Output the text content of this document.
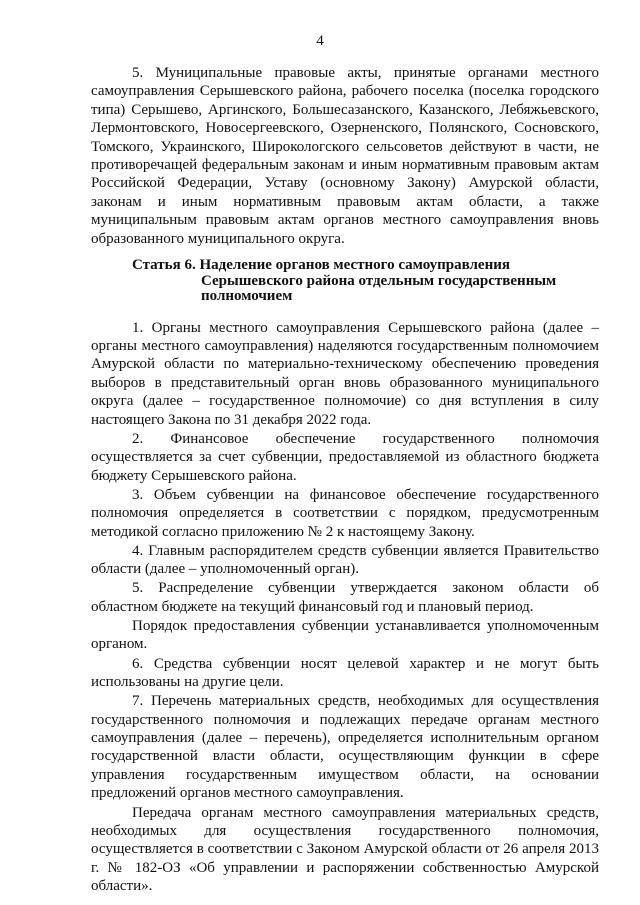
4

5. Муниципальные правовые акты, принятые органами местного самоуправления Серышевского района, рабочего поселка (поселка городского типа) Серышево, Аргинского, Большесазанского, Казанского, Лебяжьевского, Лермонтовского, Новосергеевского, Озерненского, Полянского, Сосновского, Томского, Украинского, Широкологского сельсоветов действуют в части, не противоречащей федеральным законам и иным нормативным правовым актам Российской Федерации, Уставу (основному Закону) Амурской области, законам и иным нормативным правовым актам области, а также муниципальным правовым актам органов местного самоуправления вновь образованного муниципального округа.

Статья 6. Наделение органов местного самоуправления
Серышевского района отдельным государственным полномочием

1. Органы местного самоуправления Серышевского района (далее – органы местного самоуправления) наделяются государственным полномочием Амурской области по материально-техническому обеспечению проведения выборов в представительный орган вновь образованного муниципального округа (далее – государственное полномочие) со дня вступления в силу настоящего Закона по 31 декабря 2022 года.

2. Финансовое обеспечение государственного полномочия осуществляется за счет субвенции, предоставляемой из областного бюджета бюджету Серышевского района.

3. Объем субвенции на финансовое обеспечение государственного полномочия определяется в соответствии с порядком, предусмотренным методикой согласно приложению № 2 к настоящему Закону.

4. Главным распорядителем средств субвенции является Правительство области (далее – уполномоченный орган).

5. Распределение субвенции утверждается законом области об областном бюджете на текущий финансовый год и плановый период.

Порядок предоставления субвенции устанавливается уполномоченным органом.

6. Средства субвенции носят целевой характер и не могут быть использованы на другие цели.

7. Перечень материальных средств, необходимых для осуществления государственного полномочия и подлежащих передаче органам местного самоуправления (далее – перечень), определяется исполнительным органом государственной власти области, осуществляющим функции в сфере управления государственным имуществом области, на основании предложений органов местного самоуправления.

Передача органам местного самоуправления материальных средств, необходимых для осуществления государственного полномочия, осуществляется в соответствии с Законом Амурской области от 26 апреля 2013 г. № 182-ОЗ «Об управлении и распоряжении собственностью Амурской области».
